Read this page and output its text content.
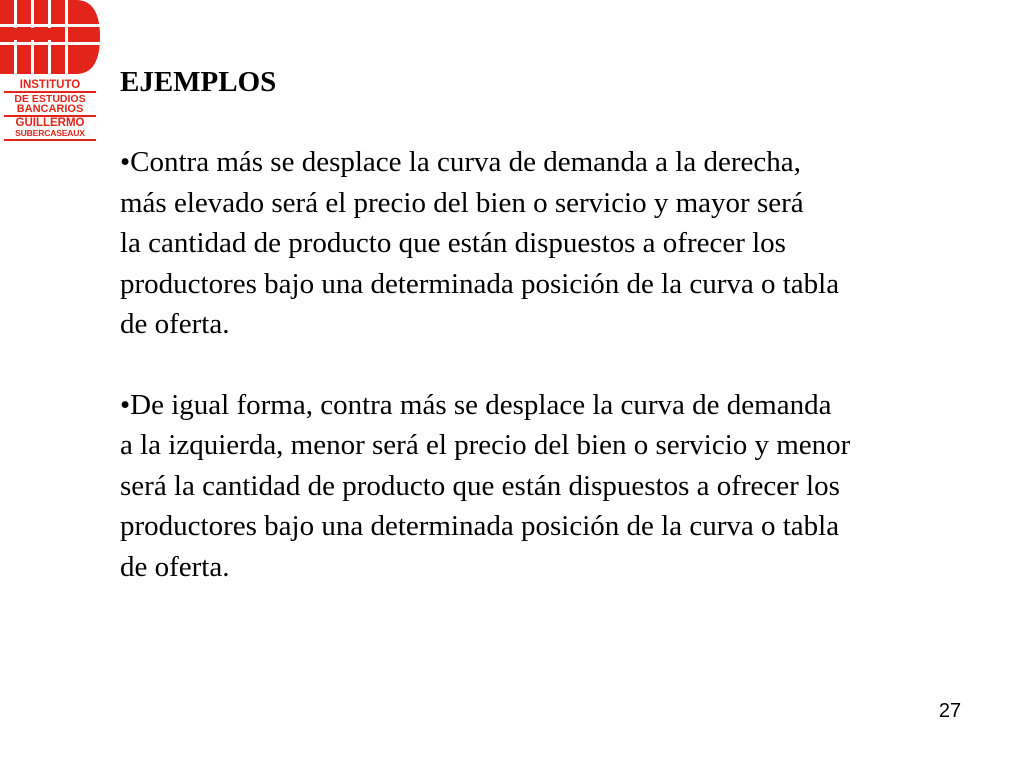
INSTITUTO
DE ESTUDIOS
BANCARIOS
GUILLERMO
SUBERCASEAUX
EJEMPLOS

•Contra más se desplace la curva de demanda a la derecha,
más elevado será el precio del bien o servicio y mayor será
la cantidad de producto que están dispuestos a ofrecer los
productores bajo una determinada posición de la curva o tabla
de oferta.

•De igual forma, contra más se desplace la curva de demanda
a la izquierda, menor será el precio del bien o servicio y menor
será la cantidad de producto que están dispuestos a ofrecer los
productores bajo una determinada posición de la curva o tabla
de oferta.

27
